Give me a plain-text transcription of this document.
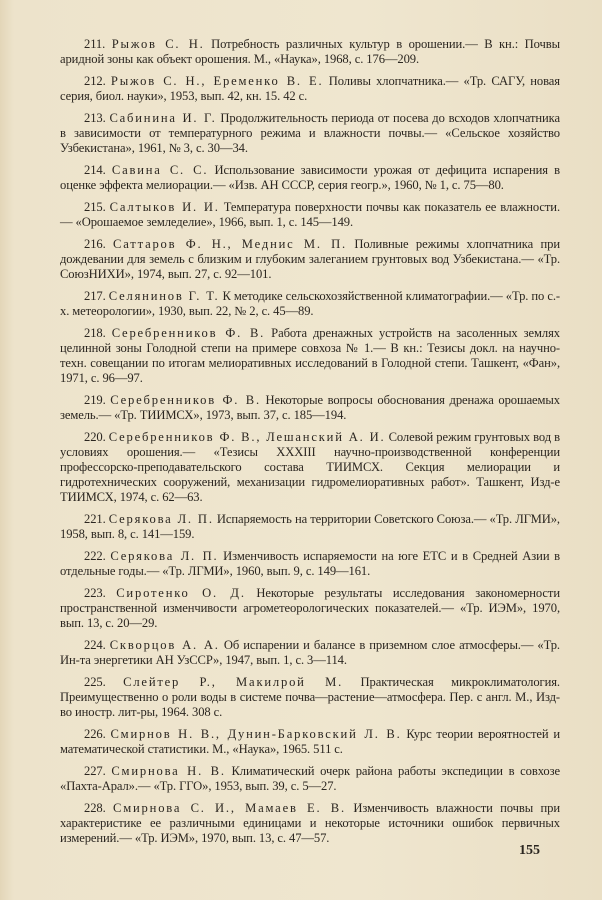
211. Рыжов С. Н. Потребность различных культур в орошении.— В кн.: Почвы аридной зоны как объект орошения. М., «Наука», 1968, с. 176—209.

212. Рыжов С. Н., Еременко В. Е. Поливы хлопчатника.— «Тр. САГУ, новая серия, биол. науки», 1953, вып. 42, кн. 15. 42 с.

213. Сабинина И. Г. Продолжительность периода от посева до всходов хлопчатника в зависимости от температурного режима и влажности почвы.— «Сельское хозяйство Узбекистана», 1961, № 3, с. 30—34.

214. Савина С. С. Использование зависимости урожая от дефицита испарения в оценке эффекта мелиорации.— «Изв. АН СССР, серия геогр.», 1960, № 1, с. 75—80.

215. Салтыков И. И. Температура поверхности почвы как показатель ее влажности.— «Орошаемое земледелие», 1966, вып. 1, с. 145—149.

216. Саттаров Ф. Н., Меднис М. П. Поливные режимы хлопчатника при дождевании для земель с близким и глубоким залеганием грунтовых вод Узбекистана.— «Тр. СоюзНИХИ», 1974, вып. 27, с. 92—101.

217. Селянинов Г. Т. К методике сельскохозяйственной климатографии.— «Тр. по с.-х. метеорологии», 1930, вып. 22, № 2, с. 45—89.

218. Серебренников Ф. В. Работа дренажных устройств на засоленных землях целинной зоны Голодной степи на примере совхоза № 1.— В кн.: Тезисы докл. на научно-техн. совещании по итогам мелиоративных исследований в Голодной степи. Ташкент, «Фан», 1971, с. 96—97.

219. Серебренников Ф. В. Некоторые вопросы обоснования дренажа орошаемых земель.— «Тр. ТИИМСХ», 1973, вып. 37, с. 185—194.

220. Серебренников Ф. В., Лешанский А. И. Солевой режим грунтовых вод в условиях орошения.— «Тезисы XXXIII научно-производственной конференции профессорско-преподавательского состава ТИИМСХ. Секция мелиорации и гидротехнических сооружений, механизации гидромелиоративных работ». Ташкент, Изд-е ТИИМСХ, 1974, с. 62—63.

221. Серякова Л. П. Испаряемость на территории Советского Союза.— «Тр. ЛГМИ», 1958, вып. 8, с. 141—159.

222. Серякова Л. П. Изменчивость испаряемости на юге ЕТС и в Средней Азии в отдельные годы.— «Тр. ЛГМИ», 1960, вып. 9, с. 149—161.

223. Сиротенко О. Д. Некоторые результаты исследования закономерности пространственной изменчивости агрометеорологических показателей.— «Тр. ИЭМ», 1970, вып. 13, с. 20—29.

224. Скворцов А. А. Об испарении и балансе в приземном слое атмосферы.— «Тр. Ин-та энергетики АН УзССР», 1947, вып. 1, с. 3—114.

225. Слейтер Р., Макилрой М. Практическая микроклиматология. Преимущественно о роли воды в системе почва—растение—атмосфера. Пер. с англ. М., Изд-во иностр. лит-ры, 1964. 308 с.

226. Смирнов Н. В., Дунин-Барковский Л. В. Курс теории вероятностей и математической статистики. М., «Наука», 1965. 511 с.

227. Смирнова Н. В. Климатический очерк района работы экспедиции в совхозе «Пахта-Арал».— «Тр. ГГО», 1953, вып. 39, с. 5—27.

228. Смирнова С. И., Мамаев Е. В. Изменчивость влажности почвы при характеристике ее различными единицами и некоторые источники ошибок первичных измерений.— «Тр. ИЭМ», 1970, вып. 13, с. 47—57.

155
